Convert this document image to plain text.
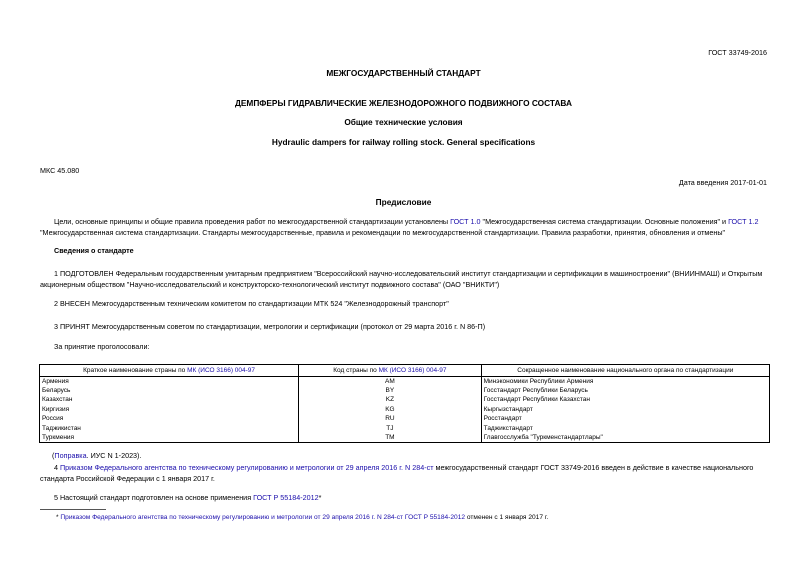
ГОСТ 33749-2016
МЕЖГОСУДАРСТВЕННЫЙ СТАНДАРТ
ДЕМПФЕРЫ ГИДРАВЛИЧЕСКИЕ ЖЕЛЕЗНОДОРОЖНОГО ПОДВИЖНОГО СОСТАВА
Общие технические условия
Hydraulic dampers for railway rolling stock. General specifications
МКС 45.080
Дата введения 2017-01-01
Предисловие
Цели, основные принципы и общие правила проведения работ по межгосударственной стандартизации установлены ГОСТ 1.0 "Межгосударственная система стандартизации. Основные положения" и ГОСТ 1.2 "Межгосударственная система стандартизации. Стандарты межгосударственные, правила и рекомендации по межгосударственной стандартизации. Правила разработки, принятия, обновления и отмены"
Сведения о стандарте
1 ПОДГОТОВЛЕН Федеральным государственным унитарным предприятием "Всероссийский научно-исследовательский институт стандартизации и сертификации в машиностроении" (ВНИИНМАШ) и Открытым акционерным обществом "Научно-исследовательский и конструкторско-технологический институт подвижного состава" (ОАО "ВНИКТИ")
2 ВНЕСЕН Межгосударственным техническим комитетом по стандартизации МТК 524 "Железнодорожный транспорт"
3 ПРИНЯТ Межгосударственным советом по стандартизации, метрологии и сертификации (протокол от 29 марта 2016 г. N 86-П)
За принятие проголосовали:
Краткое наименование страны по МК (ИСО 3166) 004-97	Код страны по МК (ИСО 3166) 004-97	Сокращенное наименование национального органа по стандартизации
Армения	AM	Минэкономики Республики Армения
Беларусь	BY	Госстандарт Республики Беларусь
Казахстан	KZ	Госстандарт Республики Казахстан
Киргизия	KG	Кыргызстандарт
Россия	RU	Росстандарт
Таджикистан	TJ	Таджикстандарт
Туркмения	TM	Главгосслужба "Туркменстандартлары"
(Поправка. ИУС N 1-2023).
4 Приказом Федерального агентства по техническому регулированию и метрологии от 29 апреля 2016 г. N 284-ст межгосударственный стандарт ГОСТ 33749-2016 введен в действие в качестве национального стандарта Российской Федерации с 1 января 2017 г.
5 Настоящий стандарт подготовлен на основе применения ГОСТ Р 55184-2012*
* Приказом Федерального агентства по техническому регулированию и метрологии от 29 апреля 2016 г. N 284-ст ГОСТ Р 55184-2012 отменен с 1 января 2017 г.
